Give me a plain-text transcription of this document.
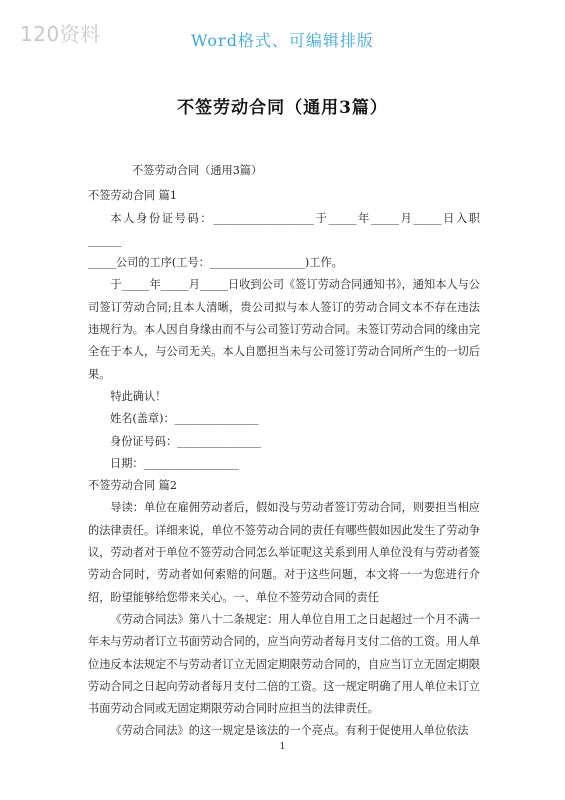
120资料	Word格式、可编辑排版
不签劳动合同（通用3篇）

不签劳动合同（通用3篇）

不签劳动合同 篇1

本人身份证号码：__________________于_____年_____月_____日入职______

_____公司的工序(工号：_________________)工作。

于_____年_____月_____日收到公司《签订劳动合同通知书》，通知本人与公司签订劳动合同;且本人清晰，贵公司拟与本人签订的劳动合同文本不存在违法违规行为。本人因自身缘由而不与公司签订劳动合同。未签订劳动合同的缘由完全在于本人，与公司无关。本人自愿担当未与公司签订劳动合同所产生的一切后果。

特此确认！

姓名(盖章)：_______________

身份证号码：_______________

日期：_________________

不签劳动合同 篇2

导读：单位在雇佣劳动者后，假如没与劳动者签订劳动合同，则要担当相应的法律责任。详细来说，单位不签劳动合同的责任有哪些假如因此发生了劳动争议，劳动者对于单位不签劳动合同怎么举证呢这关系到用人单位没有与劳动者签劳动合同时，劳动者如何索赔的问题。对于这些问题，本文将一一为您进行介绍，盼望能够给您带来关心。一、单位不签劳动合同的责任

《劳动合同法》第八十二条规定：用人单位自用工之日起超过一个月不满一年未与劳动者订立书面劳动合同的，应当向劳动者每月支付二倍的工资。用人单位违反本法规定不与劳动者订立无固定期限劳动合同的，自应当订立无固定期限劳动合同之日起向劳动者每月支付二倍的工资。这一规定明确了用人单位未订立书面劳动合同或无固定期限劳动合同时应担当的法律责任。

《劳动合同法》的这一规定是该法的一个亮点。有利于促使用人单位依法

1
